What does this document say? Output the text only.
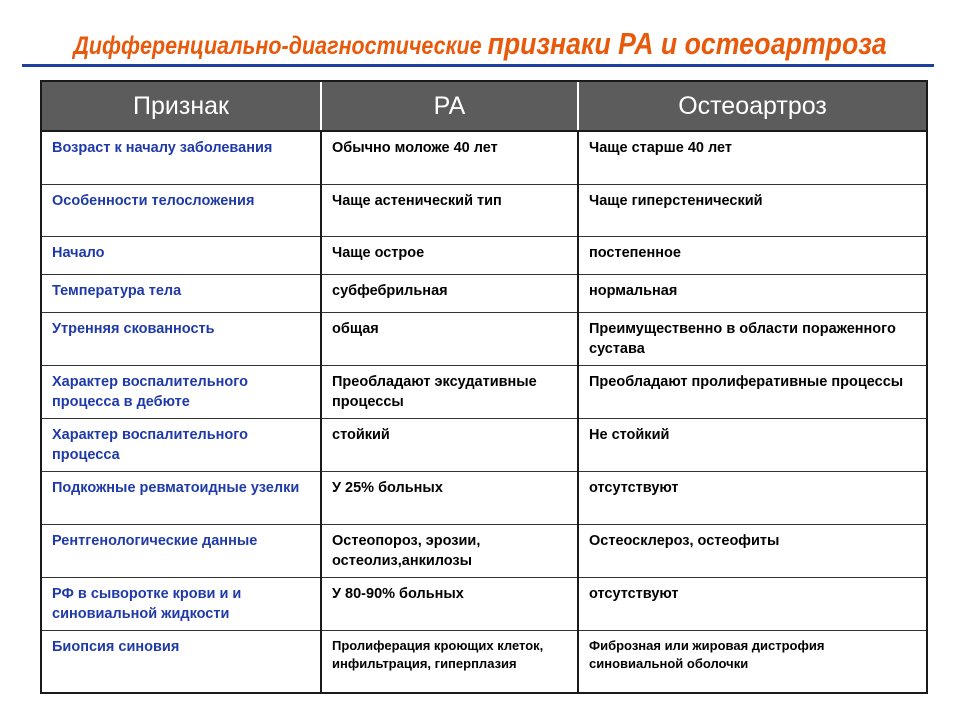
Дифференциально-диагностические признаки РА и остеоартроза
Признак	РА	Остеоартроз
Возраст к началу заболевания	Обычно моложе 40 лет	Чаще старше 40 лет
Особенности телосложения	Чаще астенический тип	Чаще гиперстенический
Начало	Чаще острое	постепенное
Температура тела	субфебрильная	нормальная
Утренняя скованность	общая	Преимущественно в области пораженного сустава
Характер воспалительного процесса в дебюте	Преобладают эксудативные процессы	Преобладают пролиферативные процессы
Характер воспалительного процесса	стойкий	Не стойкий
Подкожные ревматоидные узелки	У 25% больных	отсутствуют
Рентгенологические данные	Остеопороз, эрозии, остеолиз,анкилозы	Остеосклероз, остеофиты
РФ в сыворотке крови и и синовиальной жидкости	У 80-90% больных	отсутствуют
Биопсия синовия	Пролиферация кроющих клеток, инфильтрация, гиперплазия	Фиброзная или жировая дистрофия синовиальной оболочки
